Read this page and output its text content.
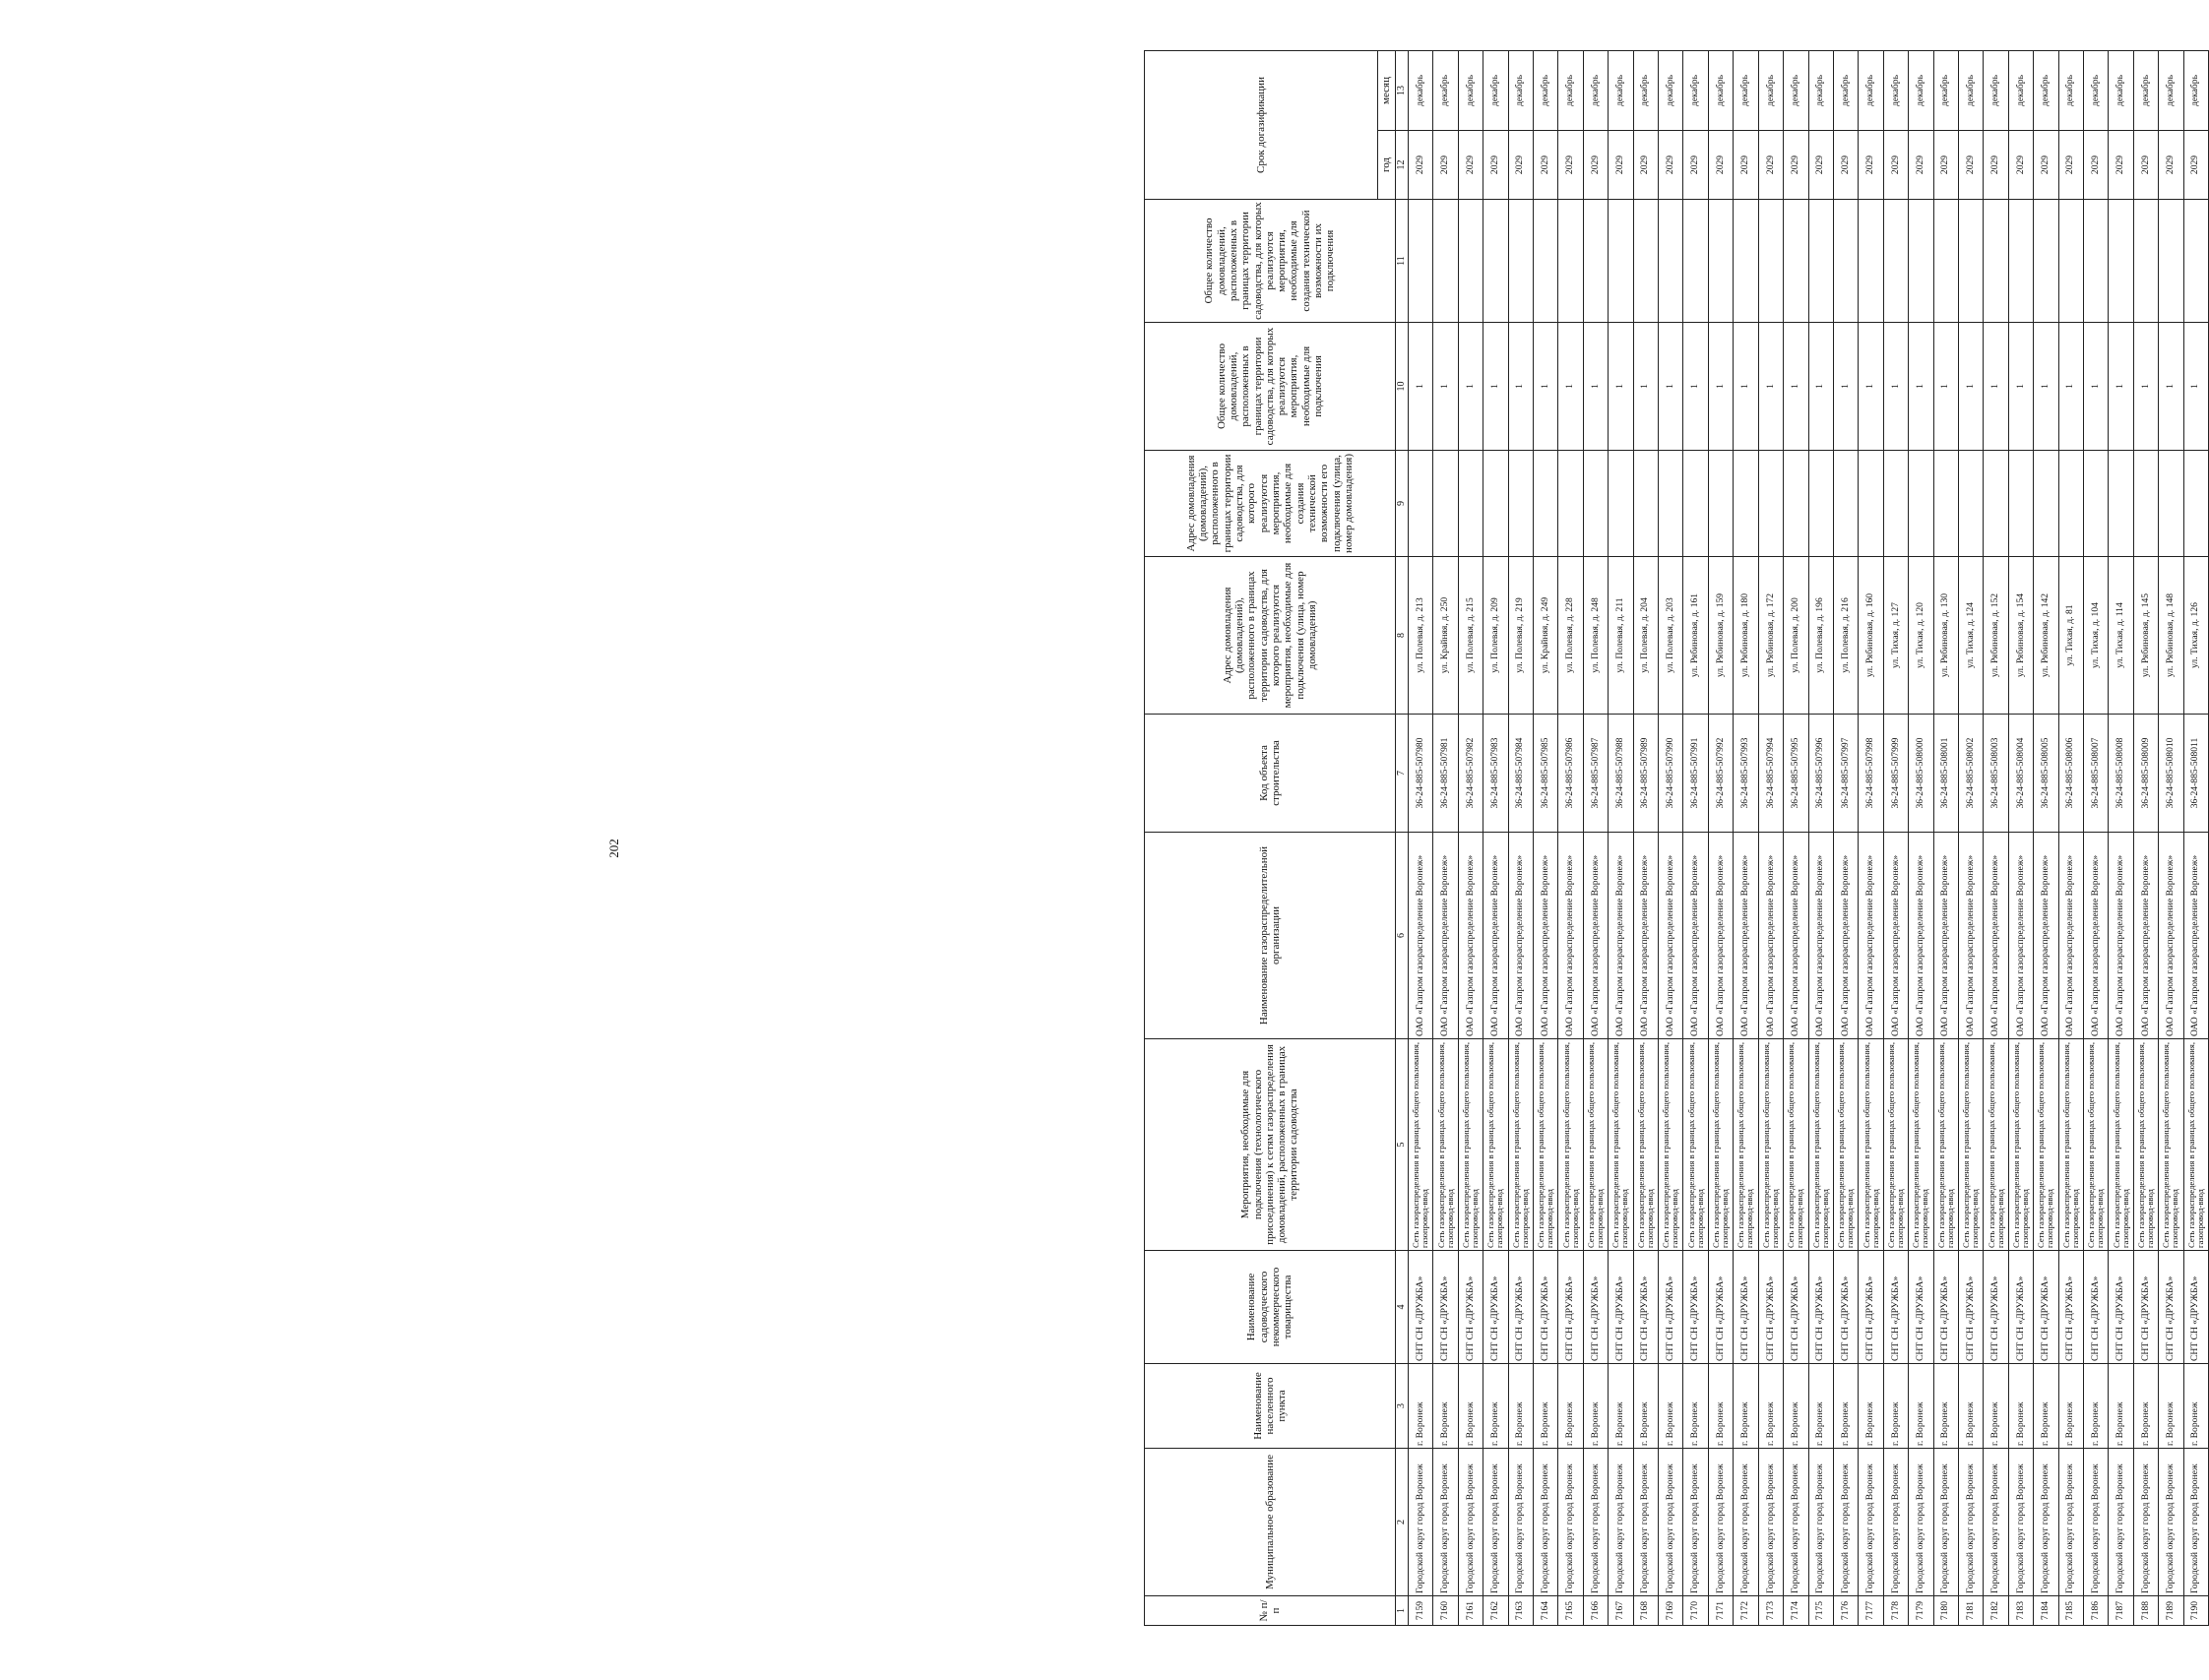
202
№ п/п	Муниципальное образование	Наименование населенного пункта	Наименование садоводческого некоммерческого товарищества	Мероприятия, необходимые для подключения (технологического присоединения) к сетям газораспределения домовладений, расположенных в границах территории садоводства	Наименование газораспределительной организации	Код объекта строительства	Адрес домовладения (домовладений), расположенного в границах территории садоводства, для которого реализуются мероприятия, необходимые для подключения (улица, номер домовладения)	Адрес домовладения (домовладений), расположенного в границах территории садоводства, для которого реализуются мероприятия, необходимые для создания технической возможности его подключения (улица, номер домовладения)	Общее количество домовладений, расположенных в границах территории садоводства, для которых реализуются мероприятия, необходимые для подключения	Общее количество домовладений, расположенных в границах территории садоводства, для которых реализуются мероприятия, необходимые для создания технической возможности их подключения	Срок догазификации	
											год	месяц
1	2	3	4	5	6	7	8	9	10	11	12	13
7159	Городской округ город Воронеж	г. Воронеж	СНТ СН «ДРУЖБА»	Сеть газораспределения в границах общего пользования, газопровод-ввод	ОАО «Газпром газораспределение Воронеж»	36-24-885-507980	ул. Полевая, д. 213		1		2029	декабрь
7160	Городской округ город Воронеж	г. Воронеж	СНТ СН «ДРУЖБА»	Сеть газораспределения в границах общего пользования, газопровод-ввод	ОАО «Газпром газораспределение Воронеж»	36-24-885-507981	ул. Крайняя, д. 250		1		2029	декабрь
7161	Городской округ город Воронеж	г. Воронеж	СНТ СН «ДРУЖБА»	Сеть газораспределения в границах общего пользования, газопровод-ввод	ОАО «Газпром газораспределение Воронеж»	36-24-885-507982	ул. Полевая, д. 215		1		2029	декабрь
7162	Городской округ город Воронеж	г. Воронеж	СНТ СН «ДРУЖБА»	Сеть газораспределения в границах общего пользования, газопровод-ввод	ОАО «Газпром газораспределение Воронеж»	36-24-885-507983	ул. Полевая, д. 209		1		2029	декабрь
7163	Городской округ город Воронеж	г. Воронеж	СНТ СН «ДРУЖБА»	Сеть газораспределения в границах общего пользования, газопровод-ввод	ОАО «Газпром газораспределение Воронеж»	36-24-885-507984	ул. Полевая, д. 219		1		2029	декабрь
7164	Городской округ город Воронеж	г. Воронеж	СНТ СН «ДРУЖБА»	Сеть газораспределения в границах общего пользования, газопровод-ввод	ОАО «Газпром газораспределение Воронеж»	36-24-885-507985	ул. Крайняя, д. 249		1		2029	декабрь
7165	Городской округ город Воронеж	г. Воронеж	СНТ СН «ДРУЖБА»	Сеть газораспределения в границах общего пользования, газопровод-ввод	ОАО «Газпром газораспределение Воронеж»	36-24-885-507986	ул. Полевая, д. 228		1		2029	декабрь
7166	Городской округ город Воронеж	г. Воронеж	СНТ СН «ДРУЖБА»	Сеть газораспределения в границах общего пользования, газопровод-ввод	ОАО «Газпром газораспределение Воронеж»	36-24-885-507987	ул. Полевая, д. 248		1		2029	декабрь
7167	Городской округ город Воронеж	г. Воронеж	СНТ СН «ДРУЖБА»	Сеть газораспределения в границах общего пользования, газопровод-ввод	ОАО «Газпром газораспределение Воронеж»	36-24-885-507988	ул. Полевая, д. 211		1		2029	декабрь
7168	Городской округ город Воронеж	г. Воронеж	СНТ СН «ДРУЖБА»	Сеть газораспределения в границах общего пользования, газопровод-ввод	ОАО «Газпром газораспределение Воронеж»	36-24-885-507989	ул. Полевая, д. 204		1		2029	декабрь
7169	Городской округ город Воронеж	г. Воронеж	СНТ СН «ДРУЖБА»	Сеть газораспределения в границах общего пользования, газопровод-ввод	ОАО «Газпром газораспределение Воронеж»	36-24-885-507990	ул. Полевая, д. 203		1		2029	декабрь
7170	Городской округ город Воронеж	г. Воронеж	СНТ СН «ДРУЖБА»	Сеть газораспределения в границах общего пользования, газопровод-ввод	ОАО «Газпром газораспределение Воронеж»	36-24-885-507991	ул. Рябиновая, д. 161		1		2029	декабрь
7171	Городской округ город Воронеж	г. Воронеж	СНТ СН «ДРУЖБА»	Сеть газораспределения в границах общего пользования, газопровод-ввод	ОАО «Газпром газораспределение Воронеж»	36-24-885-507992	ул. Рябиновая, д. 159		1		2029	декабрь
7172	Городской округ город Воронеж	г. Воронеж	СНТ СН «ДРУЖБА»	Сеть газораспределения в границах общего пользования, газопровод-ввод	ОАО «Газпром газораспределение Воронеж»	36-24-885-507993	ул. Рябиновая, д. 180		1		2029	декабрь
7173	Городской округ город Воронеж	г. Воронеж	СНТ СН «ДРУЖБА»	Сеть газораспределения в границах общего пользования, газопровод-ввод	ОАО «Газпром газораспределение Воронеж»	36-24-885-507994	ул. Рябиновая, д. 172		1		2029	декабрь
7174	Городской округ город Воронеж	г. Воронеж	СНТ СН «ДРУЖБА»	Сеть газораспределения в границах общего пользования, газопровод-ввод	ОАО «Газпром газораспределение Воронеж»	36-24-885-507995	ул. Полевая, д. 200		1		2029	декабрь
7175	Городской округ город Воронеж	г. Воронеж	СНТ СН «ДРУЖБА»	Сеть газораспределения в границах общего пользования, газопровод-ввод	ОАО «Газпром газораспределение Воронеж»	36-24-885-507996	ул. Полевая, д. 196		1		2029	декабрь
7176	Городской округ город Воронеж	г. Воронеж	СНТ СН «ДРУЖБА»	Сеть газораспределения в границах общего пользования, газопровод-ввод	ОАО «Газпром газораспределение Воронеж»	36-24-885-507997	ул. Полевая, д. 216		1		2029	декабрь
7177	Городской округ город Воронеж	г. Воронеж	СНТ СН «ДРУЖБА»	Сеть газораспределения в границах общего пользования, газопровод-ввод	ОАО «Газпром газораспределение Воронеж»	36-24-885-507998	ул. Рябиновая, д. 160		1		2029	декабрь
7178	Городской округ город Воронеж	г. Воронеж	СНТ СН «ДРУЖБА»	Сеть газораспределения в границах общего пользования, газопровод-ввод	ОАО «Газпром газораспределение Воронеж»	36-24-885-507999	ул. Тихая, д. 127		1		2029	декабрь
7179	Городской округ город Воронеж	г. Воронеж	СНТ СН «ДРУЖБА»	Сеть газораспределения в границах общего пользования, газопровод-ввод	ОАО «Газпром газораспределение Воронеж»	36-24-885-508000	ул. Тихая, д. 120		1		2029	декабрь
7180	Городской округ город Воронеж	г. Воронеж	СНТ СН «ДРУЖБА»	Сеть газораспределения в границах общего пользования, газопровод-ввод	ОАО «Газпром газораспределение Воронеж»	36-24-885-508001	ул. Рябиновая, д. 130		1		2029	декабрь
7181	Городской округ город Воронеж	г. Воронеж	СНТ СН «ДРУЖБА»	Сеть газораспределения в границах общего пользования, газопровод-ввод	ОАО «Газпром газораспределение Воронеж»	36-24-885-508002	ул. Тихая, д. 124		1		2029	декабрь
7182	Городской округ город Воронеж	г. Воронеж	СНТ СН «ДРУЖБА»	Сеть газораспределения в границах общего пользования, газопровод-ввод	ОАО «Газпром газораспределение Воронеж»	36-24-885-508003	ул. Рябиновая, д. 152		1		2029	декабрь
7183	Городской округ город Воронеж	г. Воронеж	СНТ СН «ДРУЖБА»	Сеть газораспределения в границах общего пользования, газопровод-ввод	ОАО «Газпром газораспределение Воронеж»	36-24-885-508004	ул. Рябиновая, д. 154		1		2029	декабрь
7184	Городской округ город Воронеж	г. Воронеж	СНТ СН «ДРУЖБА»	Сеть газораспределения в границах общего пользования, газопровод-ввод	ОАО «Газпром газораспределение Воронеж»	36-24-885-508005	ул. Рябиновая, д. 142		1		2029	декабрь
7185	Городской округ город Воронеж	г. Воронеж	СНТ СН «ДРУЖБА»	Сеть газораспределения в границах общего пользования, газопровод-ввод	ОАО «Газпром газораспределение Воронеж»	36-24-885-508006	ул. Тихая, д. 81		1		2029	декабрь
7186	Городской округ город Воронеж	г. Воронеж	СНТ СН «ДРУЖБА»	Сеть газораспределения в границах общего пользования, газопровод-ввод	ОАО «Газпром газораспределение Воронеж»	36-24-885-508007	ул. Тихая, д. 104		1		2029	декабрь
7187	Городской округ город Воронеж	г. Воронеж	СНТ СН «ДРУЖБА»	Сеть газораспределения в границах общего пользования, газопровод-ввод	ОАО «Газпром газораспределение Воронеж»	36-24-885-508008	ул. Тихая, д. 114		1		2029	декабрь
7188	Городской округ город Воронеж	г. Воронеж	СНТ СН «ДРУЖБА»	Сеть газораспределения в границах общего пользования, газопровод-ввод	ОАО «Газпром газораспределение Воронеж»	36-24-885-508009	ул. Рябиновая, д. 145		1		2029	декабрь
7189	Городской округ город Воронеж	г. Воронеж	СНТ СН «ДРУЖБА»	Сеть газораспределения в границах общего пользования, газопровод-ввод	ОАО «Газпром газораспределение Воронеж»	36-24-885-508010	ул. Рябиновая, д. 148		1		2029	декабрь
7190	Городской округ город Воронеж	г. Воронеж	СНТ СН «ДРУЖБА»	Сеть газораспределения в границах общего пользования, газопровод-ввод	ОАО «Газпром газораспределение Воронеж»	36-24-885-508011	ул. Тихая, д. 126		1		2029	декабрь
